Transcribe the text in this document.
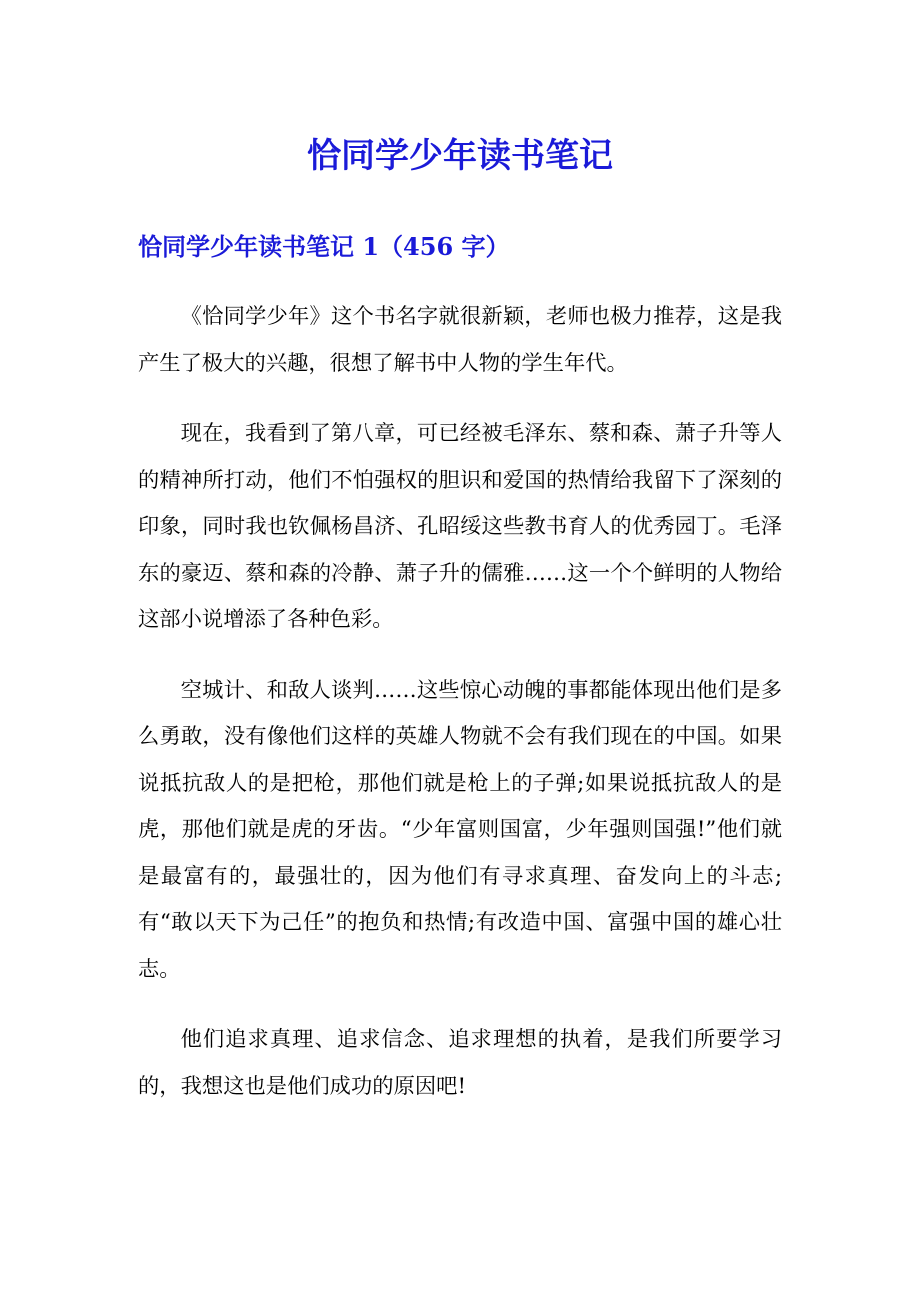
恰同学少年读书笔记
恰同学少年读书笔记 1（456 字）

《恰同学少年》这个书名字就很新颖，老师也极力推荐，这是我产生了极大的兴趣，很想了解书中人物的学生年代。

现在，我看到了第八章，可已经被毛泽东、蔡和森、萧子升等人的精神所打动，他们不怕强权的胆识和爱国的热情给我留下了深刻的印象，同时我也钦佩杨昌济、孔昭绥这些教书育人的优秀园丁。毛泽东的豪迈、蔡和森的冷静、萧子升的儒雅……这一个个鲜明的人物给这部小说增添了各种色彩。

空城计、和敌人谈判……这些惊心动魄的事都能体现出他们是多么勇敢，没有像他们这样的英雄人物就不会有我们现在的中国。如果说抵抗敌人的是把枪，那他们就是枪上的子弹;如果说抵抗敌人的是虎，那他们就是虎的牙齿。“少年富则国富，少年强则国强!”他们就是最富有的，最强壮的，因为他们有寻求真理、奋发向上的斗志;有“敢以天下为己任”的抱负和热情;有改造中国、富强中国的雄心壮志。

他们追求真理、追求信念、追求理想的执着，是我们所要学习的，我想这也是他们成功的原因吧!
